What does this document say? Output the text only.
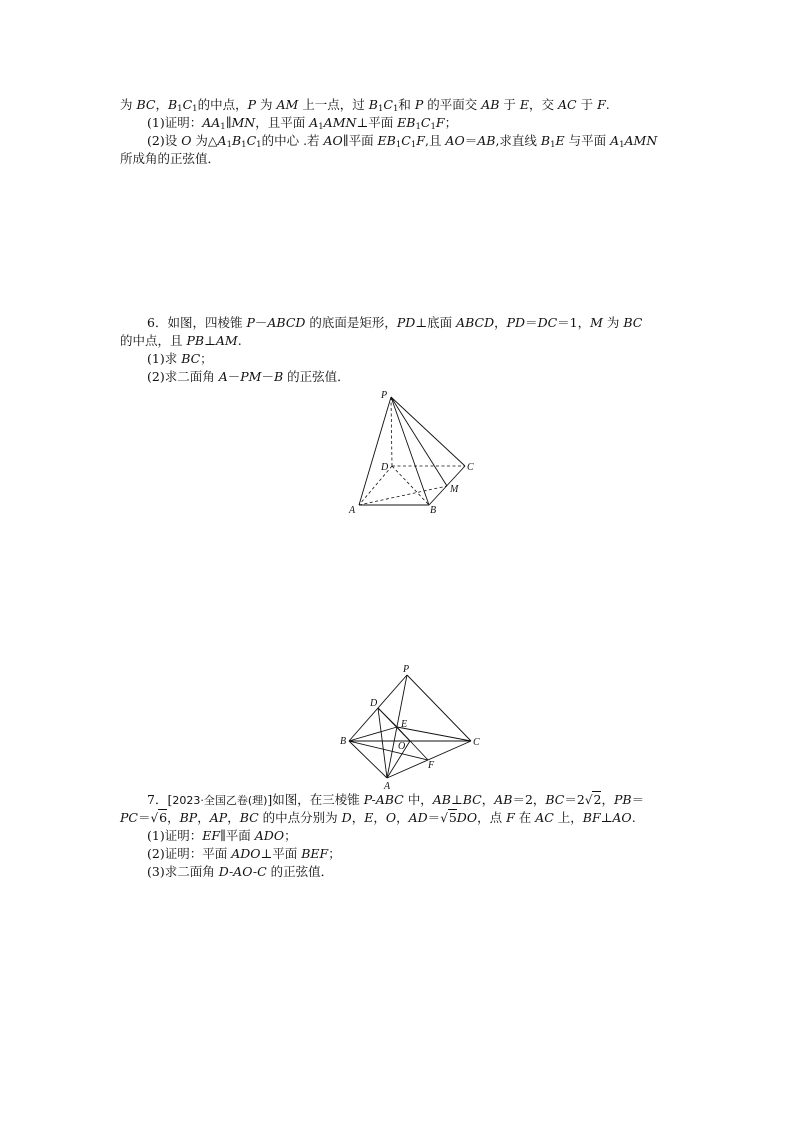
为 BC，$B_1C_1$的中点，P 为 AM 上一点，过 $B_1C_1$和 P 的平面交 AB 于 E，交 AC 于 F.
(1)证明：$AA_1\parallel MN$，且平面 $A_1AMN\perp$平面 $EB_1C_1F$；
(2)设 O 为$\triangle A_1B_1C_1$的中心 .若 AO∥平面 $EB_1C_1F$,且 AO＝AB,求直线 $B_1E$ 与平面 $A_1AMN$
所成角的正弦值．
6．如图，四棱锥 P－ABCD 的底面是矩形，PD⊥底面 ABCD，PD＝DC＝1，M 为 BC
的中点，且 PB⊥AM.
(1)求 BC；
(2)求二面角 A－PM－B 的正弦值．
P
D	C
M
A	B
P
D
E
B	O	C
F
A
7．[2023·全国乙卷(理)]如图，在三棱锥 P-ABC 中，AB⊥BC，AB＝2，BC＝2√2，PB＝
PC＝√6，BP，AP，BC 的中点分别为 D，E，O，AD＝√5DO，点 F 在 AC 上，BF⊥AO.
(1)证明：EF∥平面 ADO；
(2)证明：平面 ADO⊥平面 BEF；
(3)求二面角 D-AO-C 的正弦值．
